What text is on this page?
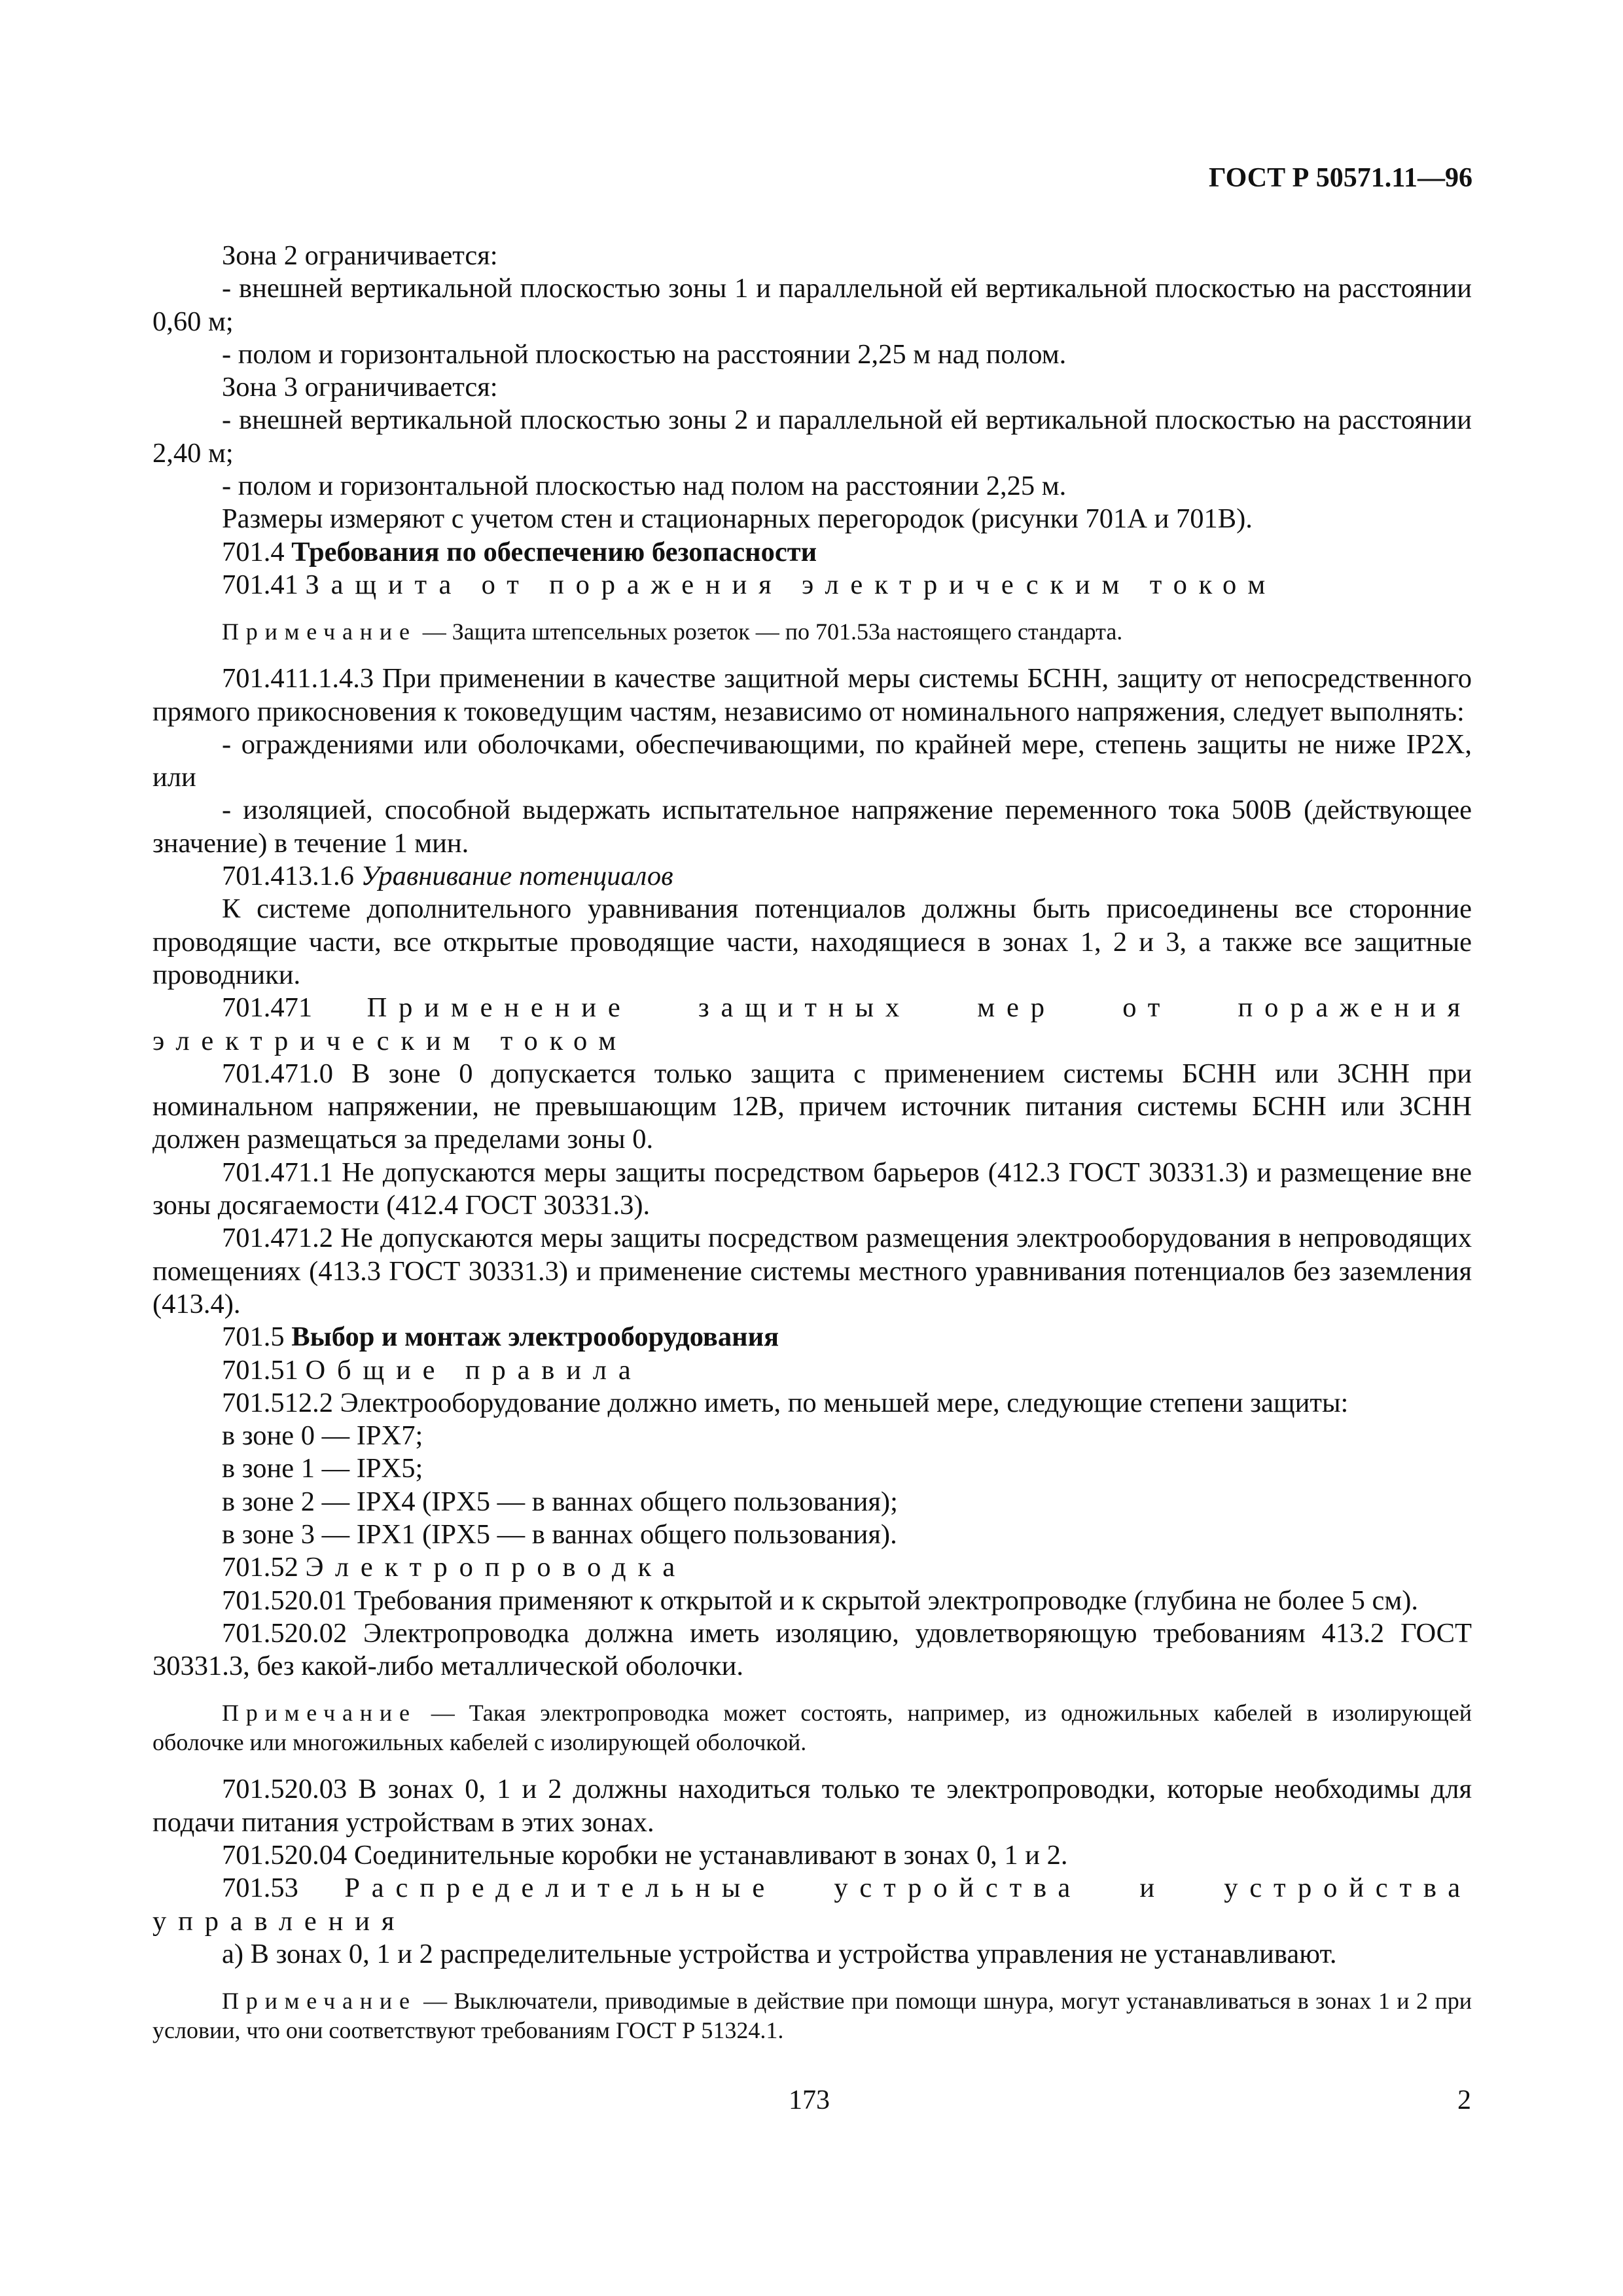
ГОСТ Р 50571.11—96

Зона 2 ограничивается:

- внешней вертикальной плоскостью зоны 1 и параллельной ей вертикальной плоскостью на расстоянии 0,60 м;

- полом и горизонтальной плоскостью на расстоянии 2,25 м над полом.

Зона 3 ограничивается:

- внешней вертикальной плоскостью зоны 2 и параллельной ей вертикальной плоскостью на расстоянии 2,40 м;

- полом и горизонтальной плоскостью над полом на расстоянии 2,25 м.

Размеры измеряют с учетом стен и стационарных перегородок (рисунки 701А и 701В).

701.4 Требования по обеспечению безопасности

701.41 Защита от поражения электрическим током

Примечание — Защита штепсельных розеток — по 701.53а настоящего стандарта.

701.411.1.4.3 При применении в качестве защитной меры системы БСНН, защиту от непосредственного прямого прикосновения к токоведущим частям, независимо от номинального напряжения, следует выполнять:

- ограждениями или оболочками, обеспечивающими, по крайней мере, степень защиты не ниже IP2X, или

- изоляцией, способной выдержать испытательное напряжение переменного тока 500В (действующее значение) в течение 1 мин.

701.413.1.6 Уравнивание потенциалов

К системе дополнительного уравнивания потенциалов должны быть присоединены все сторонние проводящие части, все открытые проводящие части, находящиеся в зонах 1, 2 и 3, а также все защитные проводники.

701.471 Применение защитных мер от поражения электрическим током

701.471.0 В зоне 0 допускается только защита с применением системы БСНН или ЗСНН при номинальном напряжении, не превышающим 12В, причем источник питания системы БСНН или ЗСНН должен размещаться за пределами зоны 0.

701.471.1 Не допускаются меры защиты посредством барьеров (412.3 ГОСТ 30331.3) и размещение вне зоны досягаемости (412.4 ГОСТ 30331.3).

701.471.2 Не допускаются меры защиты посредством размещения электрооборудования в непроводящих помещениях (413.3 ГОСТ 30331.3) и применение системы местного уравнивания потенциалов без заземления (413.4).

701.5 Выбор и монтаж электрооборудования

701.51 Общие правила

701.512.2 Электрооборудование должно иметь, по меньшей мере, следующие степени защиты:

в зоне 0 — IPX7;

в зоне 1 — IPX5;

в зоне 2 — IPX4 (IPX5 — в ваннах общего пользования);

в зоне 3 — IPX1 (IPX5 — в ваннах общего пользования).

701.52 Электропроводка

701.520.01 Требования применяют к открытой и к скрытой электропроводке (глубина не более 5 см).

701.520.02 Электропроводка должна иметь изоляцию, удовлетворяющую требованиям 413.2 ГОСТ 30331.3, без какой-либо металлической оболочки.

Примечание — Такая электропроводка может состоять, например, из одножильных кабелей в изолирующей оболочке или многожильных кабелей с изолирующей оболочкой.

701.520.03 В зонах 0, 1 и 2 должны находиться только те электропроводки, которые необходимы для подачи питания устройствам в этих зонах.

701.520.04 Соединительные коробки не устанавливают в зонах 0, 1 и 2.

701.53 Распределительные устройства и устройства управления

а) В зонах 0, 1 и 2 распределительные устройства и устройства управления не устанавливают.

Примечание — Выключатели, приводимые в действие при помощи шнура, могут устанавливаться в зонах 1 и 2 при условии, что они соответствуют требованиям ГОСТ Р 51324.1.

173	2
